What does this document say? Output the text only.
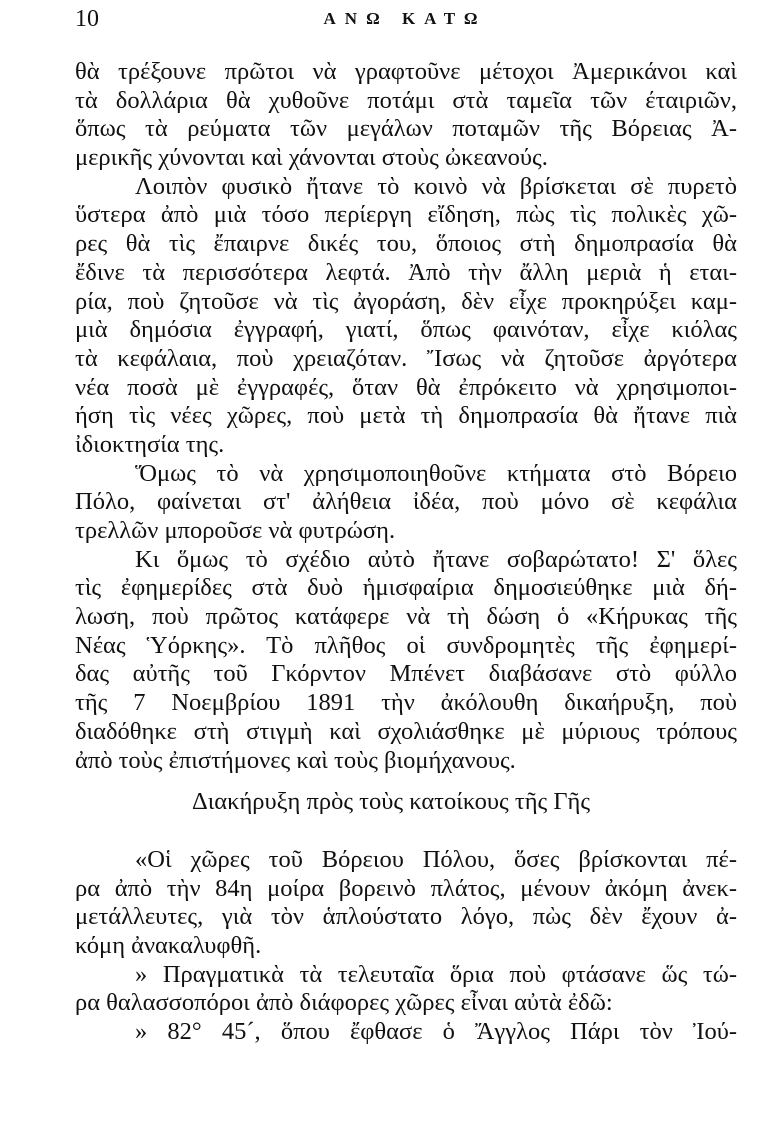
10	ΑΝΩ ΚΑΤΩ
θὰ τρέξουνε πρῶτοι νὰ γραφτοῦνε μέτοχοι Ἀμερικάνοι καὶ
τὰ δολλάρια θὰ χυθοῦνε ποτάμι στὰ ταμεῖα τῶν έταιριῶν,
ὅπως τὰ ρεύματα τῶν μεγάλων ποταμῶν τῆς Βόρειας Ἀ-
μερικῆς χύνονται καὶ χάνονται στοὺς ὠκεανούς.
Λοιπὸν φυσικὸ ἤτανε τὸ κοινὸ νὰ βρίσκεται σὲ πυρετὸ
ὕστερα ἀπὸ μιὰ τόσο περίεργη εἴδηση, πὼς τὶς πολικὲς χῶ-
ρες θὰ τὶς ἔπαιρνε δικές του, ὅποιος στὴ δημοπρασία θὰ
ἔδινε τὰ περισσότερα λεφτά. Ἀπὸ τὴν ἄλλη μεριὰ ἡ εται-
ρία, ποὺ ζητοῦσε νὰ τὶς ἀγοράση, δὲν εἶχε προκηρύξει καμ-
μιὰ δημόσια ἐγγραφή, γιατί, ὅπως φαινόταν, εἶχε κιόλας
τὰ κεφάλαια, ποὺ χρειαζόταν. Ἴσως νὰ ζητοῦσε ἀργότερα
νέα ποσὰ μὲ ἐγγραφές, ὅταν θὰ ἐπρόκειτο νὰ χρησιμοποι-
ήση τὶς νέες χῶρες, ποὺ μετὰ τὴ δημοπρασία θὰ ἤτανε πιὰ
ἰδιοκτησία της.
Ὅμως τὸ νὰ χρησιμοποιηθοῦνε κτήματα στὸ Βόρειο
Πόλο, φαίνεται στ' ἀλήθεια ἰδέα, ποὺ μόνο σὲ κεφάλια
τρελλῶν μποροῦσε νὰ φυτρώση.
Κι ὅμως τὸ σχέδιο αὐτὸ ἤτανε σοβαρώτατο! Σ' ὅλες
τὶς ἐφημερίδες στὰ δυὸ ἡμισφαίρια δημοσιεύθηκε μιὰ δή-
λωση, ποὺ πρῶτος κατάφερε νὰ τὴ δώση ὁ «Κήρυκας τῆς
Νέας Ὑόρκης». Τὸ πλῆθος οἱ συνδρομητὲς τῆς ἐφημερί-
δας αὐτῆς τοῦ Γκόρντον Μπένετ διαβάσανε στὸ φύλλο
τῆς 7 Νοεμβρίου 1891 τὴν ἀκόλουθη δικαήρυξη, ποὺ
διαδόθηκε στὴ στιγμὴ καὶ σχολιάσθηκε μὲ μύριους τρόπους
ἀπὸ τοὺς ἐπιστήμονες καὶ τοὺς βιομήχανους.
Διακήρυξη πρὸς τοὺς κατοίκους τῆς Γῆς
«Οἱ χῶρες τοῦ Βόρειου Πόλου, ὅσες βρίσκονται πέ-
ρα ἀπὸ τὴν 84η μοίρα βορεινὸ πλάτος, μένουν ἀκόμη ἀνεκ-
μετάλλευτες, γιὰ τὸν ἁπλούστατο λόγο, πὼς δὲν ἔχουν ἀ-
κόμη ἀνακαλυφθῆ.
» Πραγματικὰ τὰ τελευταῖα ὅρια ποὺ φτάσανε ὥς τώ-
ρα θαλασσοπόροι ἀπὸ διάφορες χῶρες εἶναι αὐτὰ ἐδῶ:
» 82° 45´, ὅπου ἔφθασε ὁ Ἄγγλος Πάρι τὸν Ἰού-
